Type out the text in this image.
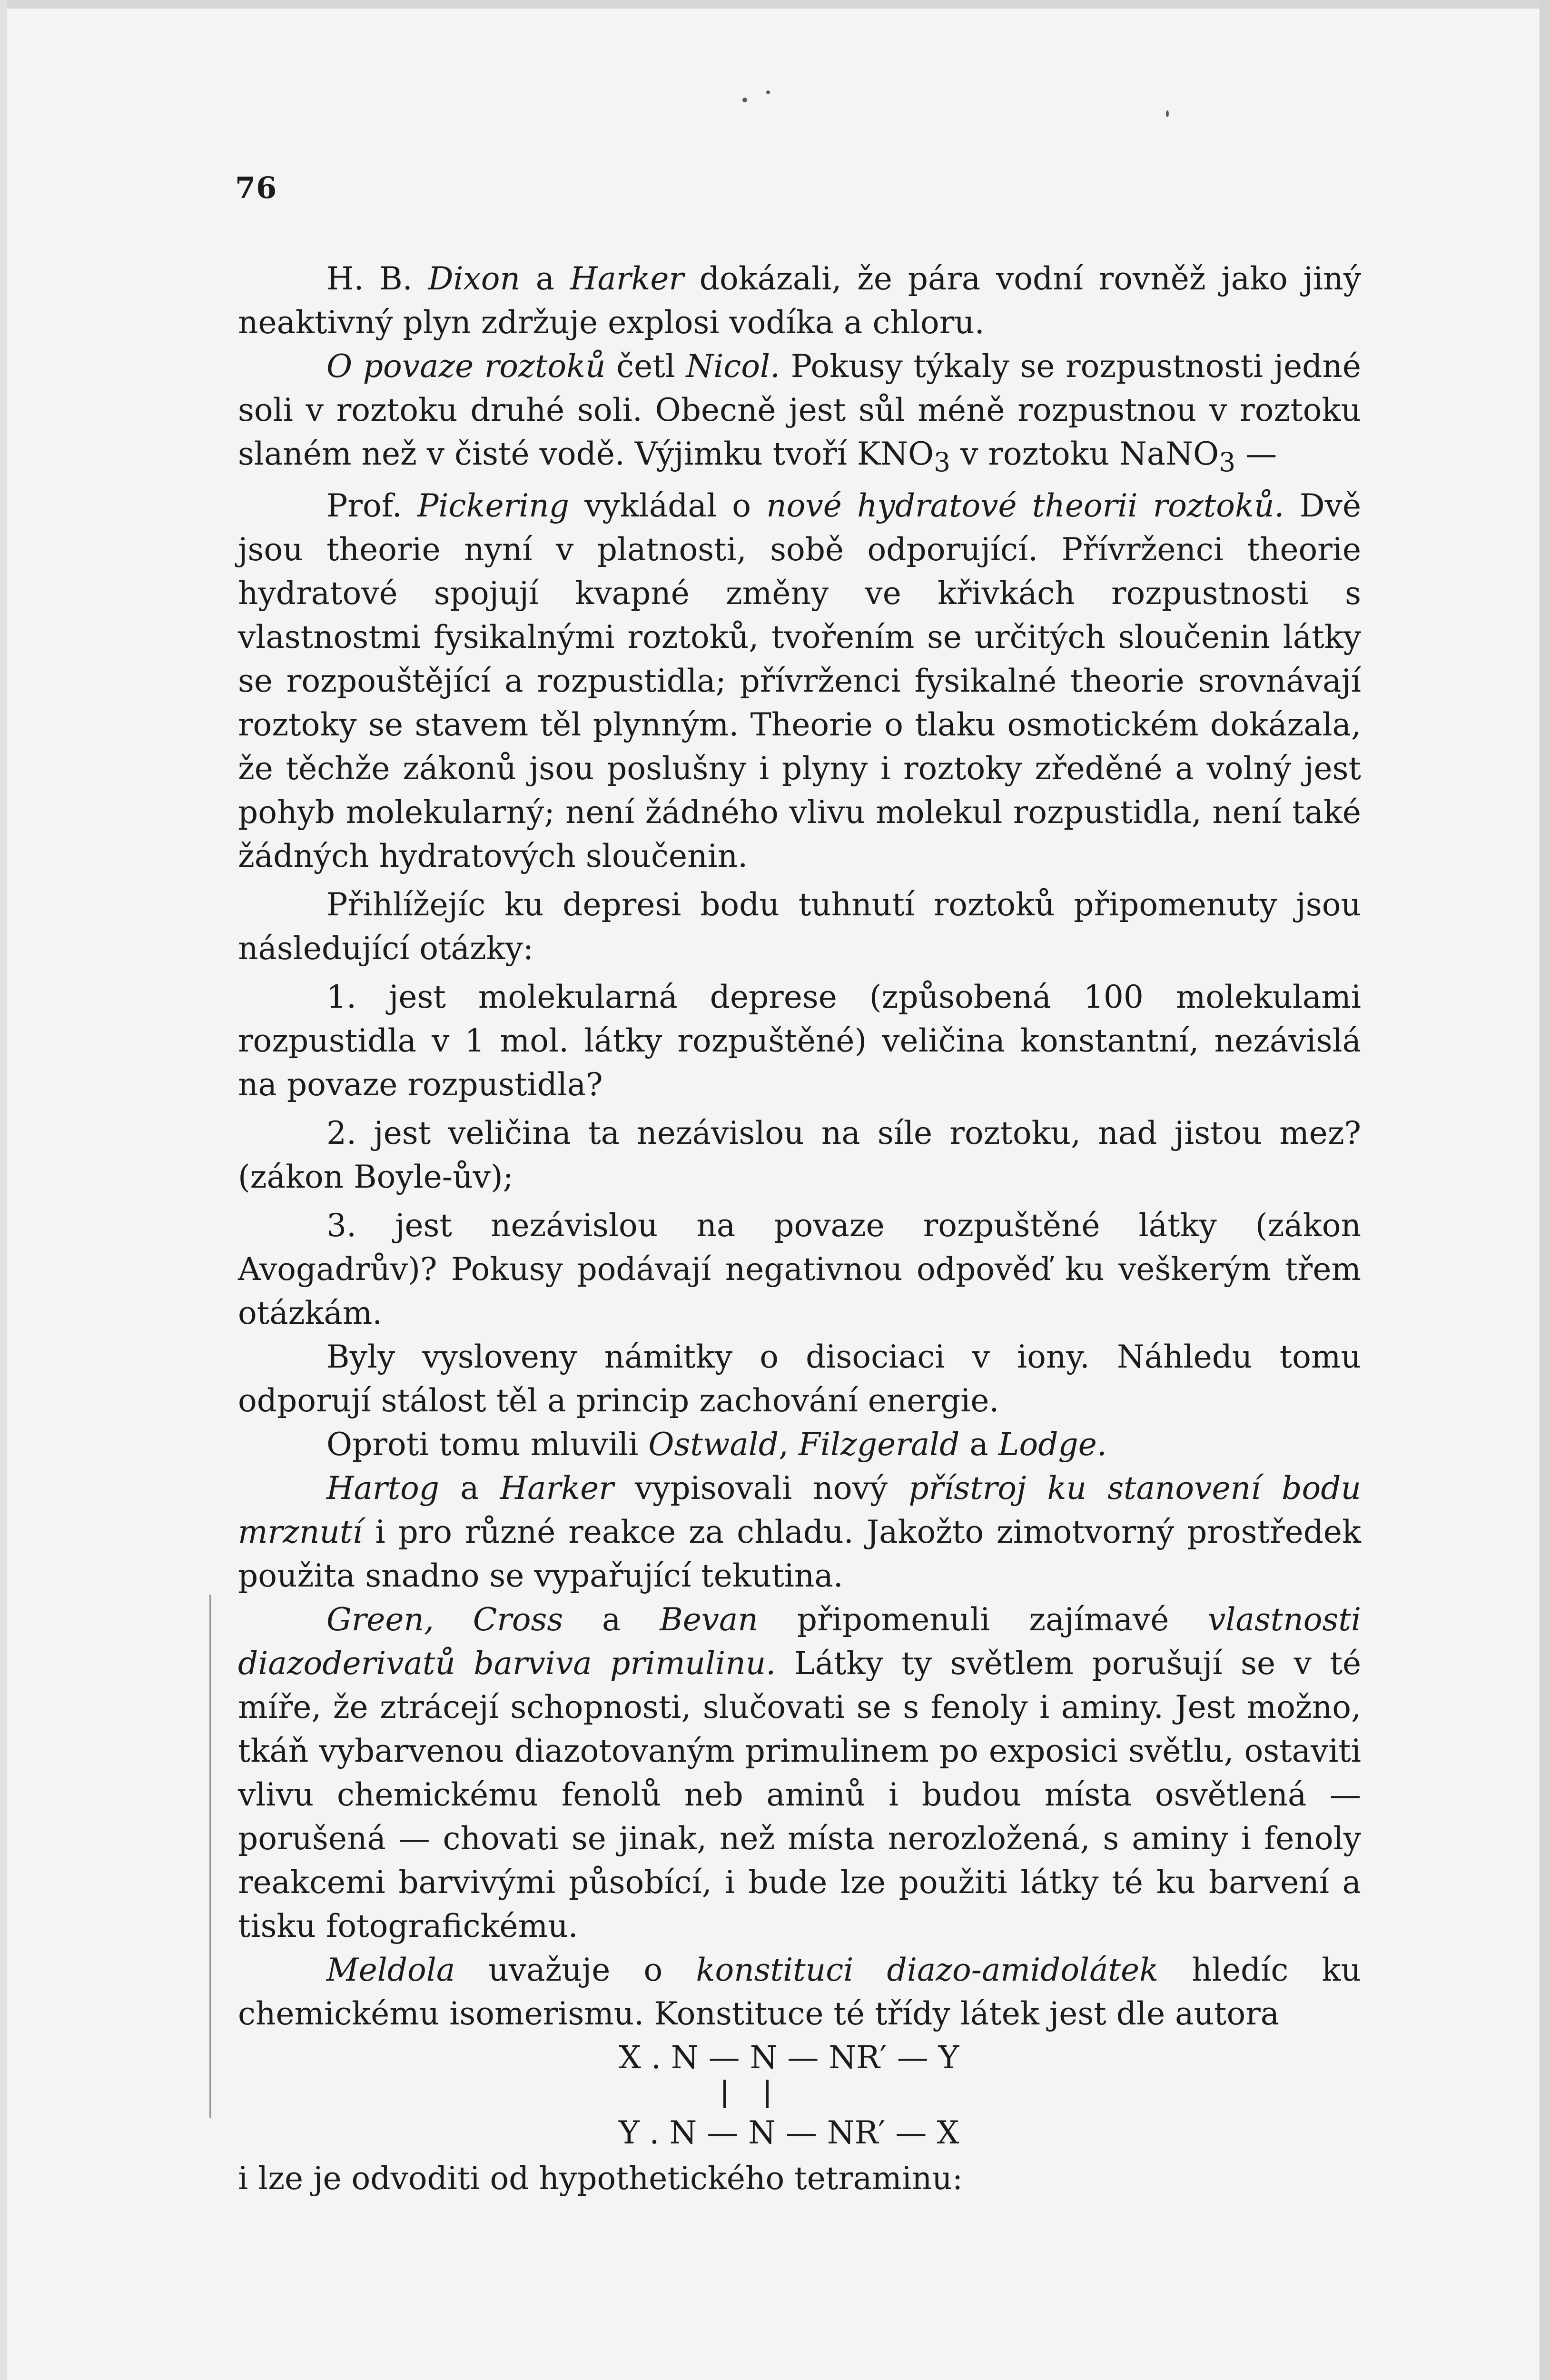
76

H. B. Dixon a Harker dokázali, že pára vodní rovněž jako jiný neaktivný plyn zdržuje explosi vodíka a chloru.

O povaze roztoků četl Nicol. Pokusy týkaly se rozpustnosti jedné soli v roztoku druhé soli. Obecně jest sůl méně rozpustnou v roztoku slaném než v čisté vodě. Výjimku tvoří $KNO_3$ v roztoku NaNO$_3$ —

Prof. Pickering vykládal o nové hydratové theorii roztoků. Dvě jsou theorie nyní v platnosti, sobě odporující. Přívrženci theorie hydratové spojují kvapné změny ve křivkách rozpustnosti s vlastnostmi fysikalnými roztoků, tvořením se určitých sloučenin látky se rozpouštějící a rozpustidla; přívrženci fysikalné theorie srovnávají roztoky se stavem těl plynným. Theorie o tlaku osmotickém dokázala, že těchže zákonů jsou poslušny i plyny i roztoky zředěné a volný jest pohyb molekularný; není žádného vlivu molekul rozpustidla, není také žádných hydratových sloučenin.

Přihlížejíc ku depresi bodu tuhnutí roztoků připomenuty jsou následující otázky:

1. jest molekularná deprese (způsobená 100 molekulami rozpustidla v 1 mol. látky rozpuštěné) veličina konstantní, nezávislá na povaze rozpustidla?

2. jest veličina ta nezávislou na síle roztoku, nad jistou mez? (zákon Boyle-ův);

3. jest nezávislou na povaze rozpuštěné látky (zákon Avogadrův)? Pokusy podávají negativnou odpověď ku veškerým třem otázkám.

Byly vysloveny námitky o disociaci v iony. Náhledu tomu odporují stálost těl a princip zachování energie.

Oproti tomu mluvili Ostwald, Filzgerald a Lodge.

Hartog a Harker vypisovali nový přístroj ku stanovení bodu mrznutí i pro různé reakce za chladu. Jakožto zimotvorný prostředek použita snadno se vypařující tekutina.

Green, Cross a Bevan připomenuli zajímavé vlastnosti diazoderivatů barviva primulinu. Látky ty světlem porušují se v té míře, že ztrácejí schopnosti, slučovati se s fenoly i aminy. Jest možno, tkáň vybarvenou diazotovaným primulinem po exposici světlu, ostaviti vlivu chemickému fenolů neb aminů i budou místa osvětlená — porušená — chovati se jinak, než místa nerozložená, s aminy i fenoly reakcemi barvivými působící, i bude lze použiti látky té ku barvení a tisku fotografickému.

Meldola uvažuje o konstituci diazo-amidolátek hledíc ku chemickému isomerismu. Konstituce té třídy látek jest dle autora

X . N — N — NR′ — Y
Y . N — N — NR′ — X

i lze je odvoditi od hypothetického tetraminu:
